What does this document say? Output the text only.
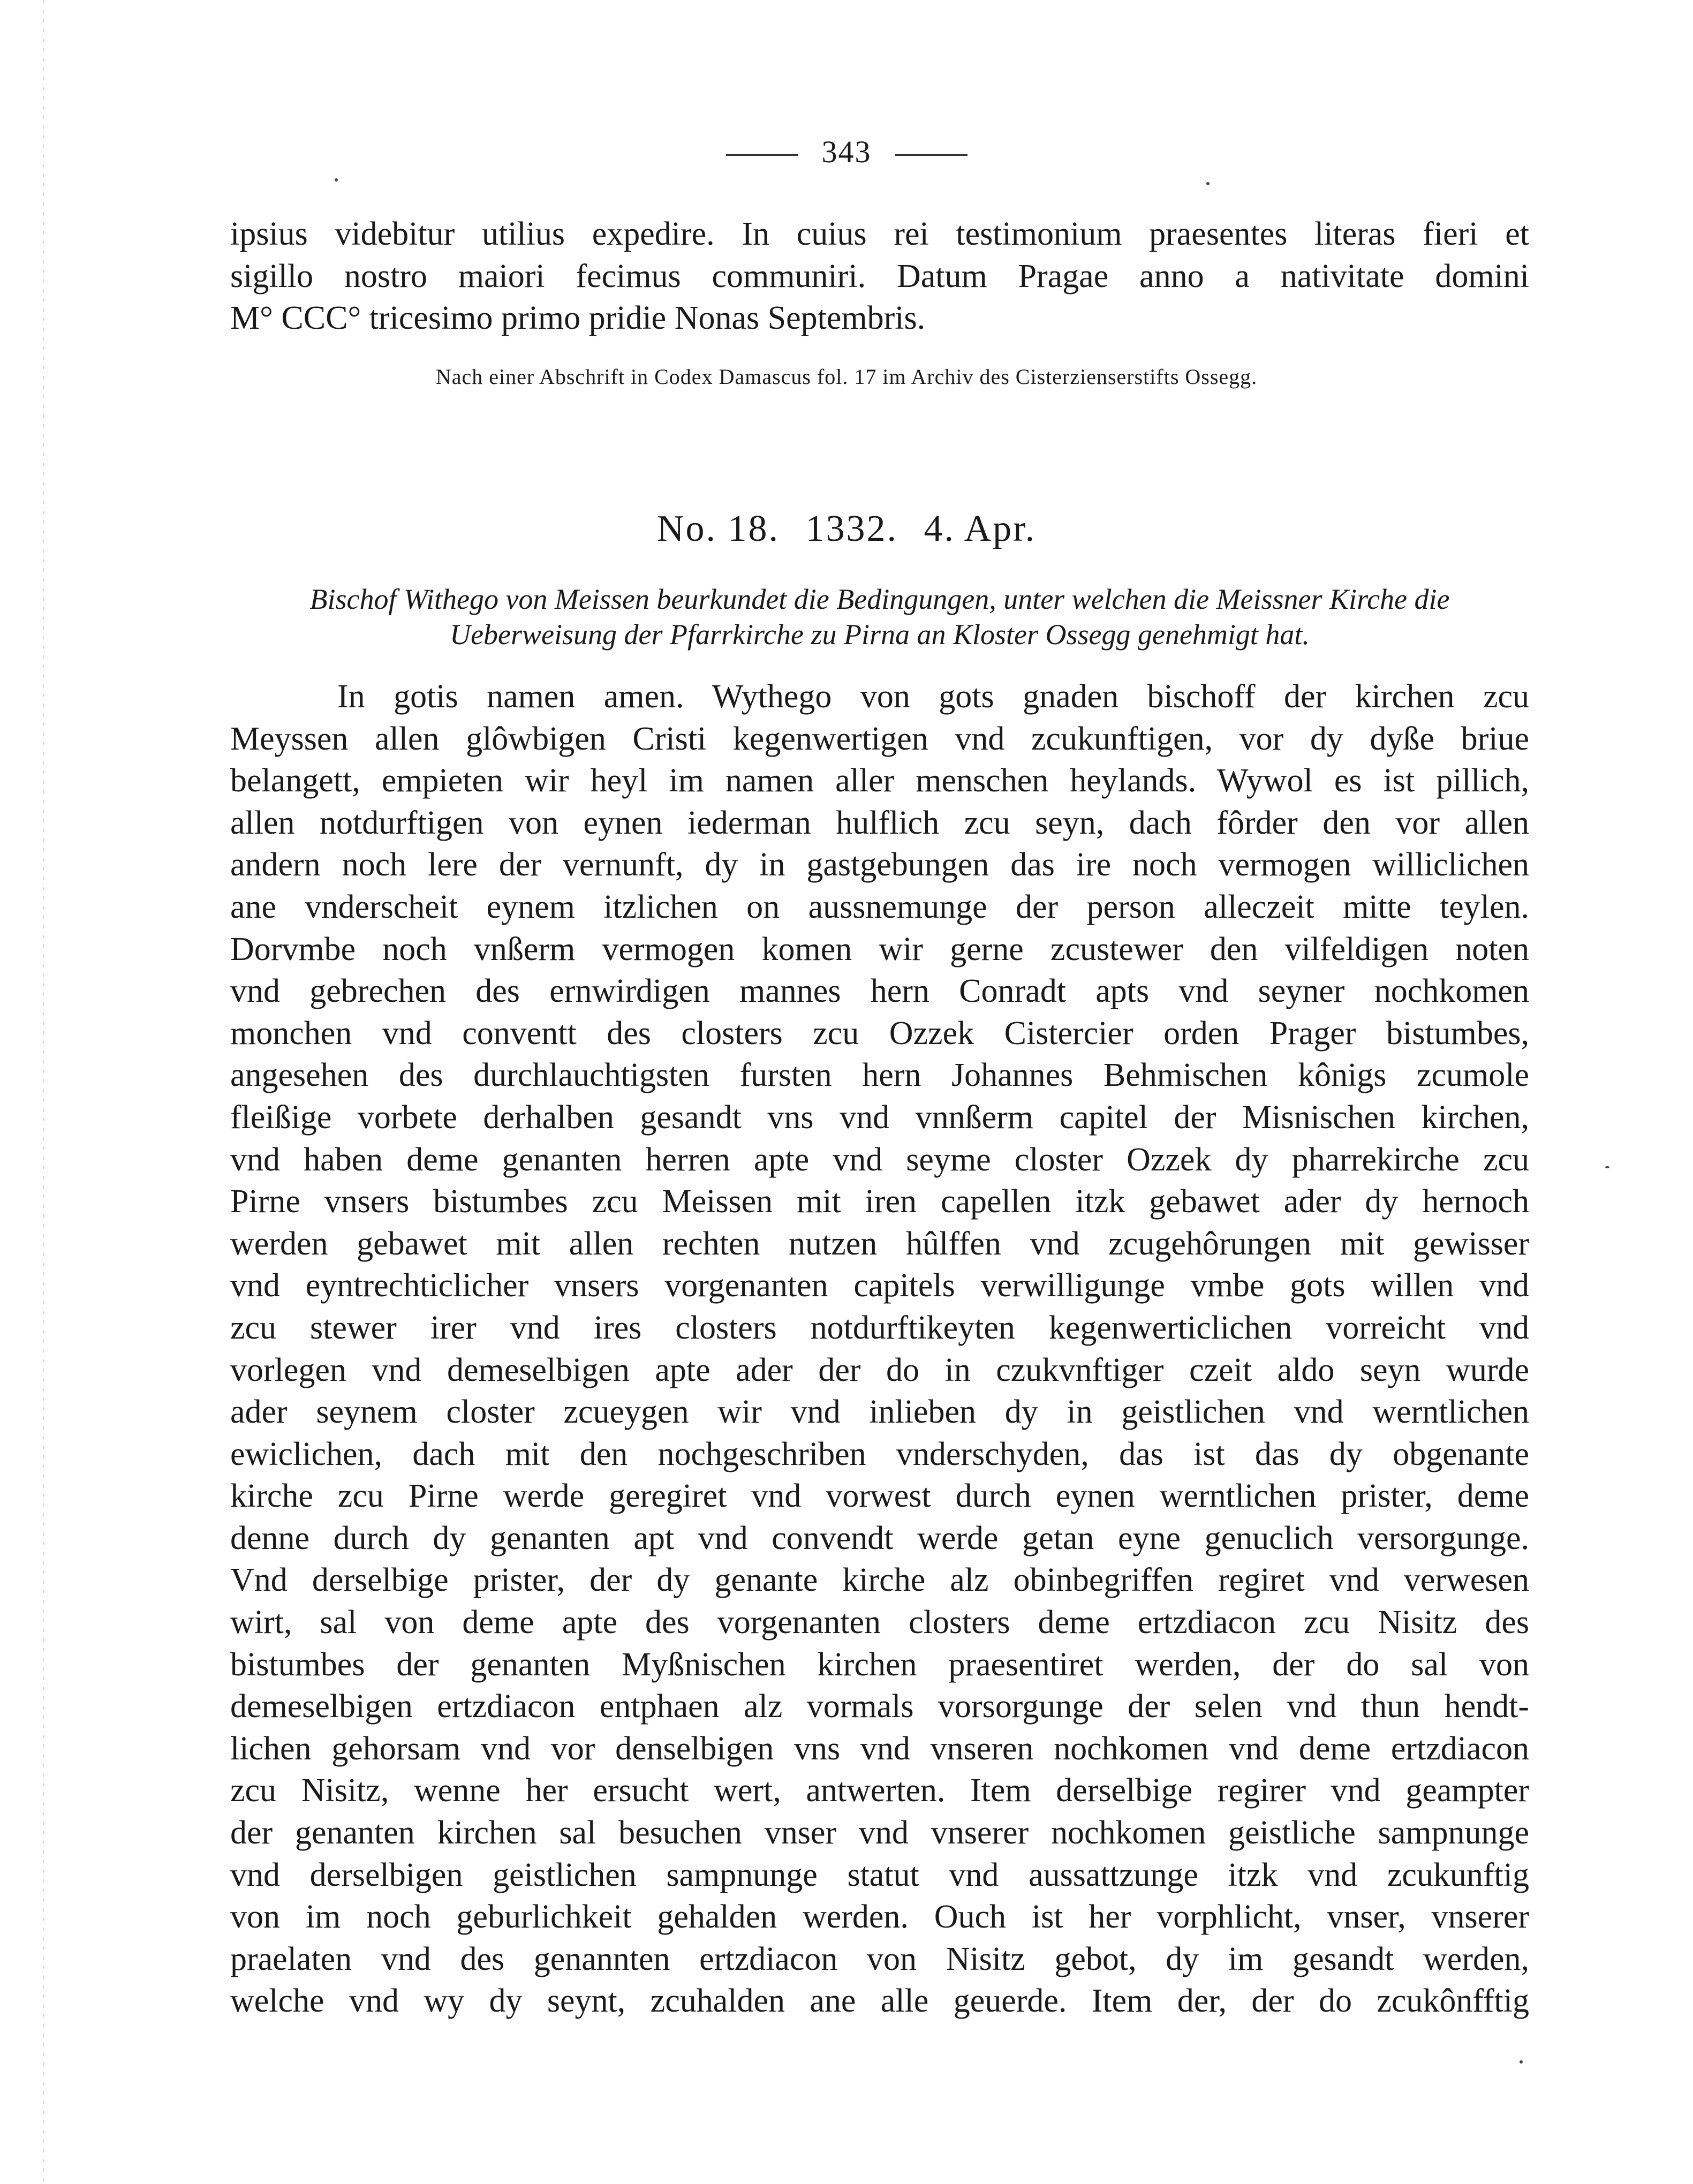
343
ipsius videbitur utilius expedire. In cuius rei testimonium praesentes literas fieri et
sigillo nostro maiori fecimus communiri. Datum Pragae anno a nativitate domini
M° CCC° tricesimo primo pridie Nonas Septembris.
Nach einer Abschrift in Codex Damascus fol. 17 im Archiv des Cisterzienserstifts Ossegg.
No. 18. 1332. 4. Apr.
Bischof Withego von Meissen beurkundet die Bedingungen, unter welchen die Meissner Kirche die
Ueberweisung der Pfarrkirche zu Pirna an Kloster Ossegg genehmigt hat.
In gotis namen amen. Wythego von gots gnaden bischoff der kirchen zcu
Meyssen allen glôwbigen Cristi kegenwertigen vnd zcukunftigen, vor dy dyße briue
belangett, empieten wir heyl im namen aller menschen heylands. Wywol es ist pillich,
allen notdurftigen von eynen iederman hulflich zcu seyn, dach fôrder den vor allen
andern noch lere der vernunft, dy in gastgebungen das ire noch vermogen williclichen
ane vnderscheit eynem itzlichen on aussnemunge der person alleczeit mitte teylen.
Dorvmbe noch vnßerm vermogen komen wir gerne zcustewer den vilfeldigen noten
vnd gebrechen des ernwirdigen mannes hern Conradt apts vnd seyner nochkomen
monchen vnd conventt des closters zcu Ozzek Cistercier orden Prager bistumbes,
angesehen des durchlauchtigsten fursten hern Johannes Behmischen kônigs zcumole
fleißige vorbete derhalben gesandt vns vnd vnnßerm capitel der Misnischen kirchen,
vnd haben deme genanten herren apte vnd seyme closter Ozzek dy pharrekirche zcu
Pirne vnsers bistumbes zcu Meissen mit iren capellen itzk gebawet ader dy hernoch
werden gebawet mit allen rechten nutzen hûlffen vnd zcugehôrungen mit gewisser
vnd eyntrechticlicher vnsers vorgenanten capitels verwilligunge vmbe gots willen vnd
zcu stewer irer vnd ires closters notdurftikeyten kegenwerticlichen vorreicht vnd
vorlegen vnd demeselbigen apte ader der do in czukvnftiger czeit aldo seyn wurde
ader seynem closter zcueygen wir vnd inlieben dy in geistlichen vnd werntlichen
ewiclichen, dach mit den nochgeschriben vnderschyden, das ist das dy obgenante
kirche zcu Pirne werde geregiret vnd vorwest durch eynen werntlichen prister, deme
denne durch dy genanten apt vnd convendt werde getan eyne genuclich versorgunge.
Vnd derselbige prister, der dy genante kirche alz obinbegriffen regiret vnd verwesen
wirt, sal von deme apte des vorgenanten closters deme ertzdiacon zcu Nisitz des
bistumbes der genanten Myßnischen kirchen praesentiret werden, der do sal von
demeselbigen ertzdiacon entphaen alz vormals vorsorgunge der selen vnd thun hendt-
lichen gehorsam vnd vor denselbigen vns vnd vnseren nochkomen vnd deme ertzdiacon
zcu Nisitz, wenne her ersucht wert, antwerten. Item derselbige regirer vnd geampter
der genanten kirchen sal besuchen vnser vnd vnserer nochkomen geistliche sampnunge
vnd derselbigen geistlichen sampnunge statut vnd aussattzunge itzk vnd zcukunftig
von im noch geburlichkeit gehalden werden. Ouch ist her vorphlicht, vnser, vnserer
praelaten vnd des genannten ertzdiacon von Nisitz gebot, dy im gesandt werden,
welche vnd wy dy seynt, zcuhalden ane alle geuerde. Item der, der do zcukônfftig
